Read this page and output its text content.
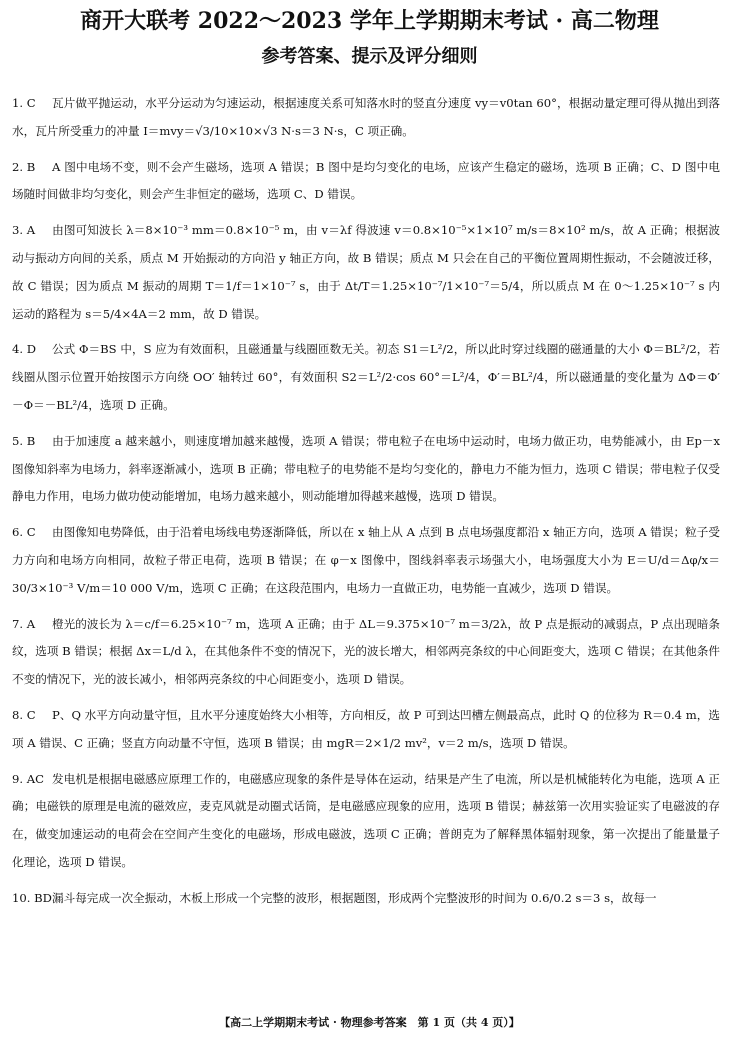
商开大联考 2022～2023 学年上学期期末考试 · 高二物理
参考答案、提示及评分细则
1. C 瓦片做平抛运动，水平分运动为匀速运动，根据速度关系可知落水时的竖直分速度 vy＝v0tan 60°，根据动量定理可得从抛出到落水，瓦片所受重力的冲量 I＝mvy＝√3/10×10×√3 N·s＝3 N·s，C 项正确。
2. B A 图中电场不变，则不会产生磁场，选项 A 错误；B 图中是均匀变化的电场，应该产生稳定的磁场，选项 B 正确；C、D 图中电场随时间做非均匀变化，则会产生非恒定的磁场，选项 C、D 错误。
3. A 由图可知波长 λ＝8×10⁻³ mm＝0.8×10⁻⁵ m，由 v＝λf 得波速 v＝0.8×10⁻⁵×1×10⁷ m/s＝8×10² m/s，故 A 正确；根据波动与振动方向间的关系，质点 M 开始振动的方向沿 y 轴正方向，故 B 错误；质点 M 只会在自己的平衡位置周期性振动，不会随波迁移，故 C 错误；因为质点 M 振动的周期 T＝1/f＝1×10⁻⁷ s，由于 Δt/T＝1.25×10⁻⁷/1×10⁻⁷＝5/4，所以质点 M 在 0～1.25×10⁻⁷ s 内运动的路程为 s＝5/4×4A＝2 mm，故 D 错误。
4. D 公式 Φ＝BS 中，S 应为有效面积，且磁通量与线圈匝数无关。初态 S1＝L²/2，所以此时穿过线圈的磁通量的大小 Φ＝BL²/2，若线圈从图示位置开始按图示方向绕 OO′ 轴转过 60°，有效面积 S2＝L²/2·cos 60°＝L²/4，Φ′＝BL²/4，所以磁通量的变化量为 ΔΦ＝Φ′－Φ＝－BL²/4，选项 D 正确。
5. B 由于加速度 a 越来越小，则速度增加越来越慢，选项 A 错误；带电粒子在电场中运动时，电场力做正功，电势能减小，由 Ep－x 图像知斜率为电场力，斜率逐渐减小，选项 B 正确；带电粒子的电势能不是均匀变化的，静电力不能为恒力，选项 C 错误；带电粒子仅受静电力作用，电场力做功使动能增加，电场力越来越小，则动能增加得越来越慢，选项 D 错误。
6. C 由图像知电势降低，由于沿着电场线电势逐渐降低，所以在 x 轴上从 A 点到 B 点电场强度都沿 x 轴正方向，选项 A 错误；粒子受力方向和电场方向相同，故粒子带正电荷，选项 B 错误；在 φ－x 图像中，图线斜率表示场强大小，电场强度大小为 E＝U/d＝Δφ/x＝30/3×10⁻³ V/m＝10 000 V/m，选项 C 正确；在这段范围内，电场力一直做正功，电势能一直减少，选项 D 错误。
7. A 橙光的波长为 λ＝c/f＝6.25×10⁻⁷ m，选项 A 正确；由于 ΔL＝9.375×10⁻⁷ m＝3/2λ，故 P 点是振动的减弱点，P 点出现暗条纹，选项 B 错误；根据 Δx＝L/d λ，在其他条件不变的情况下，光的波长增大，相邻两亮条纹的中心间距变大，选项 C 错误；在其他条件不变的情况下，光的波长减小，相邻两亮条纹的中心间距变小，选项 D 错误。
8. C P、Q 水平方向动量守恒，且水平分速度始终大小相等，方向相反，故 P 可到达凹槽左侧最高点，此时 Q 的位移为 R＝0.4 m，选项 A 错误、C 正确；竖直方向动量不守恒，选项 B 错误；由 mgR＝2×1/2 mv²，v＝2 m/s，选项 D 错误。
9. AC 发电机是根据电磁感应原理工作的，电磁感应现象的条件是导体在运动，结果是产生了电流，所以是机械能转化为电能，选项 A 正确；电磁铁的原理是电流的磁效应，麦克风就是动圈式话筒，是电磁感应现象的应用，选项 B 错误；赫兹第一次用实验证实了电磁波的存在，做变加速运动的电荷会在空间产生变化的电磁场，形成电磁波，选项 C 正确；普朗克为了解释黑体辐射现象，第一次提出了能量量子化理论，选项 D 错误。
10. BD漏斗每完成一次全振动，木板上形成一个完整的波形，根据题图，形成两个完整波形的时间为 0.6/0.2 s＝3 s，故每一
【高二上学期期末考试 · 物理参考答案　第 1 页（共 4 页）】
